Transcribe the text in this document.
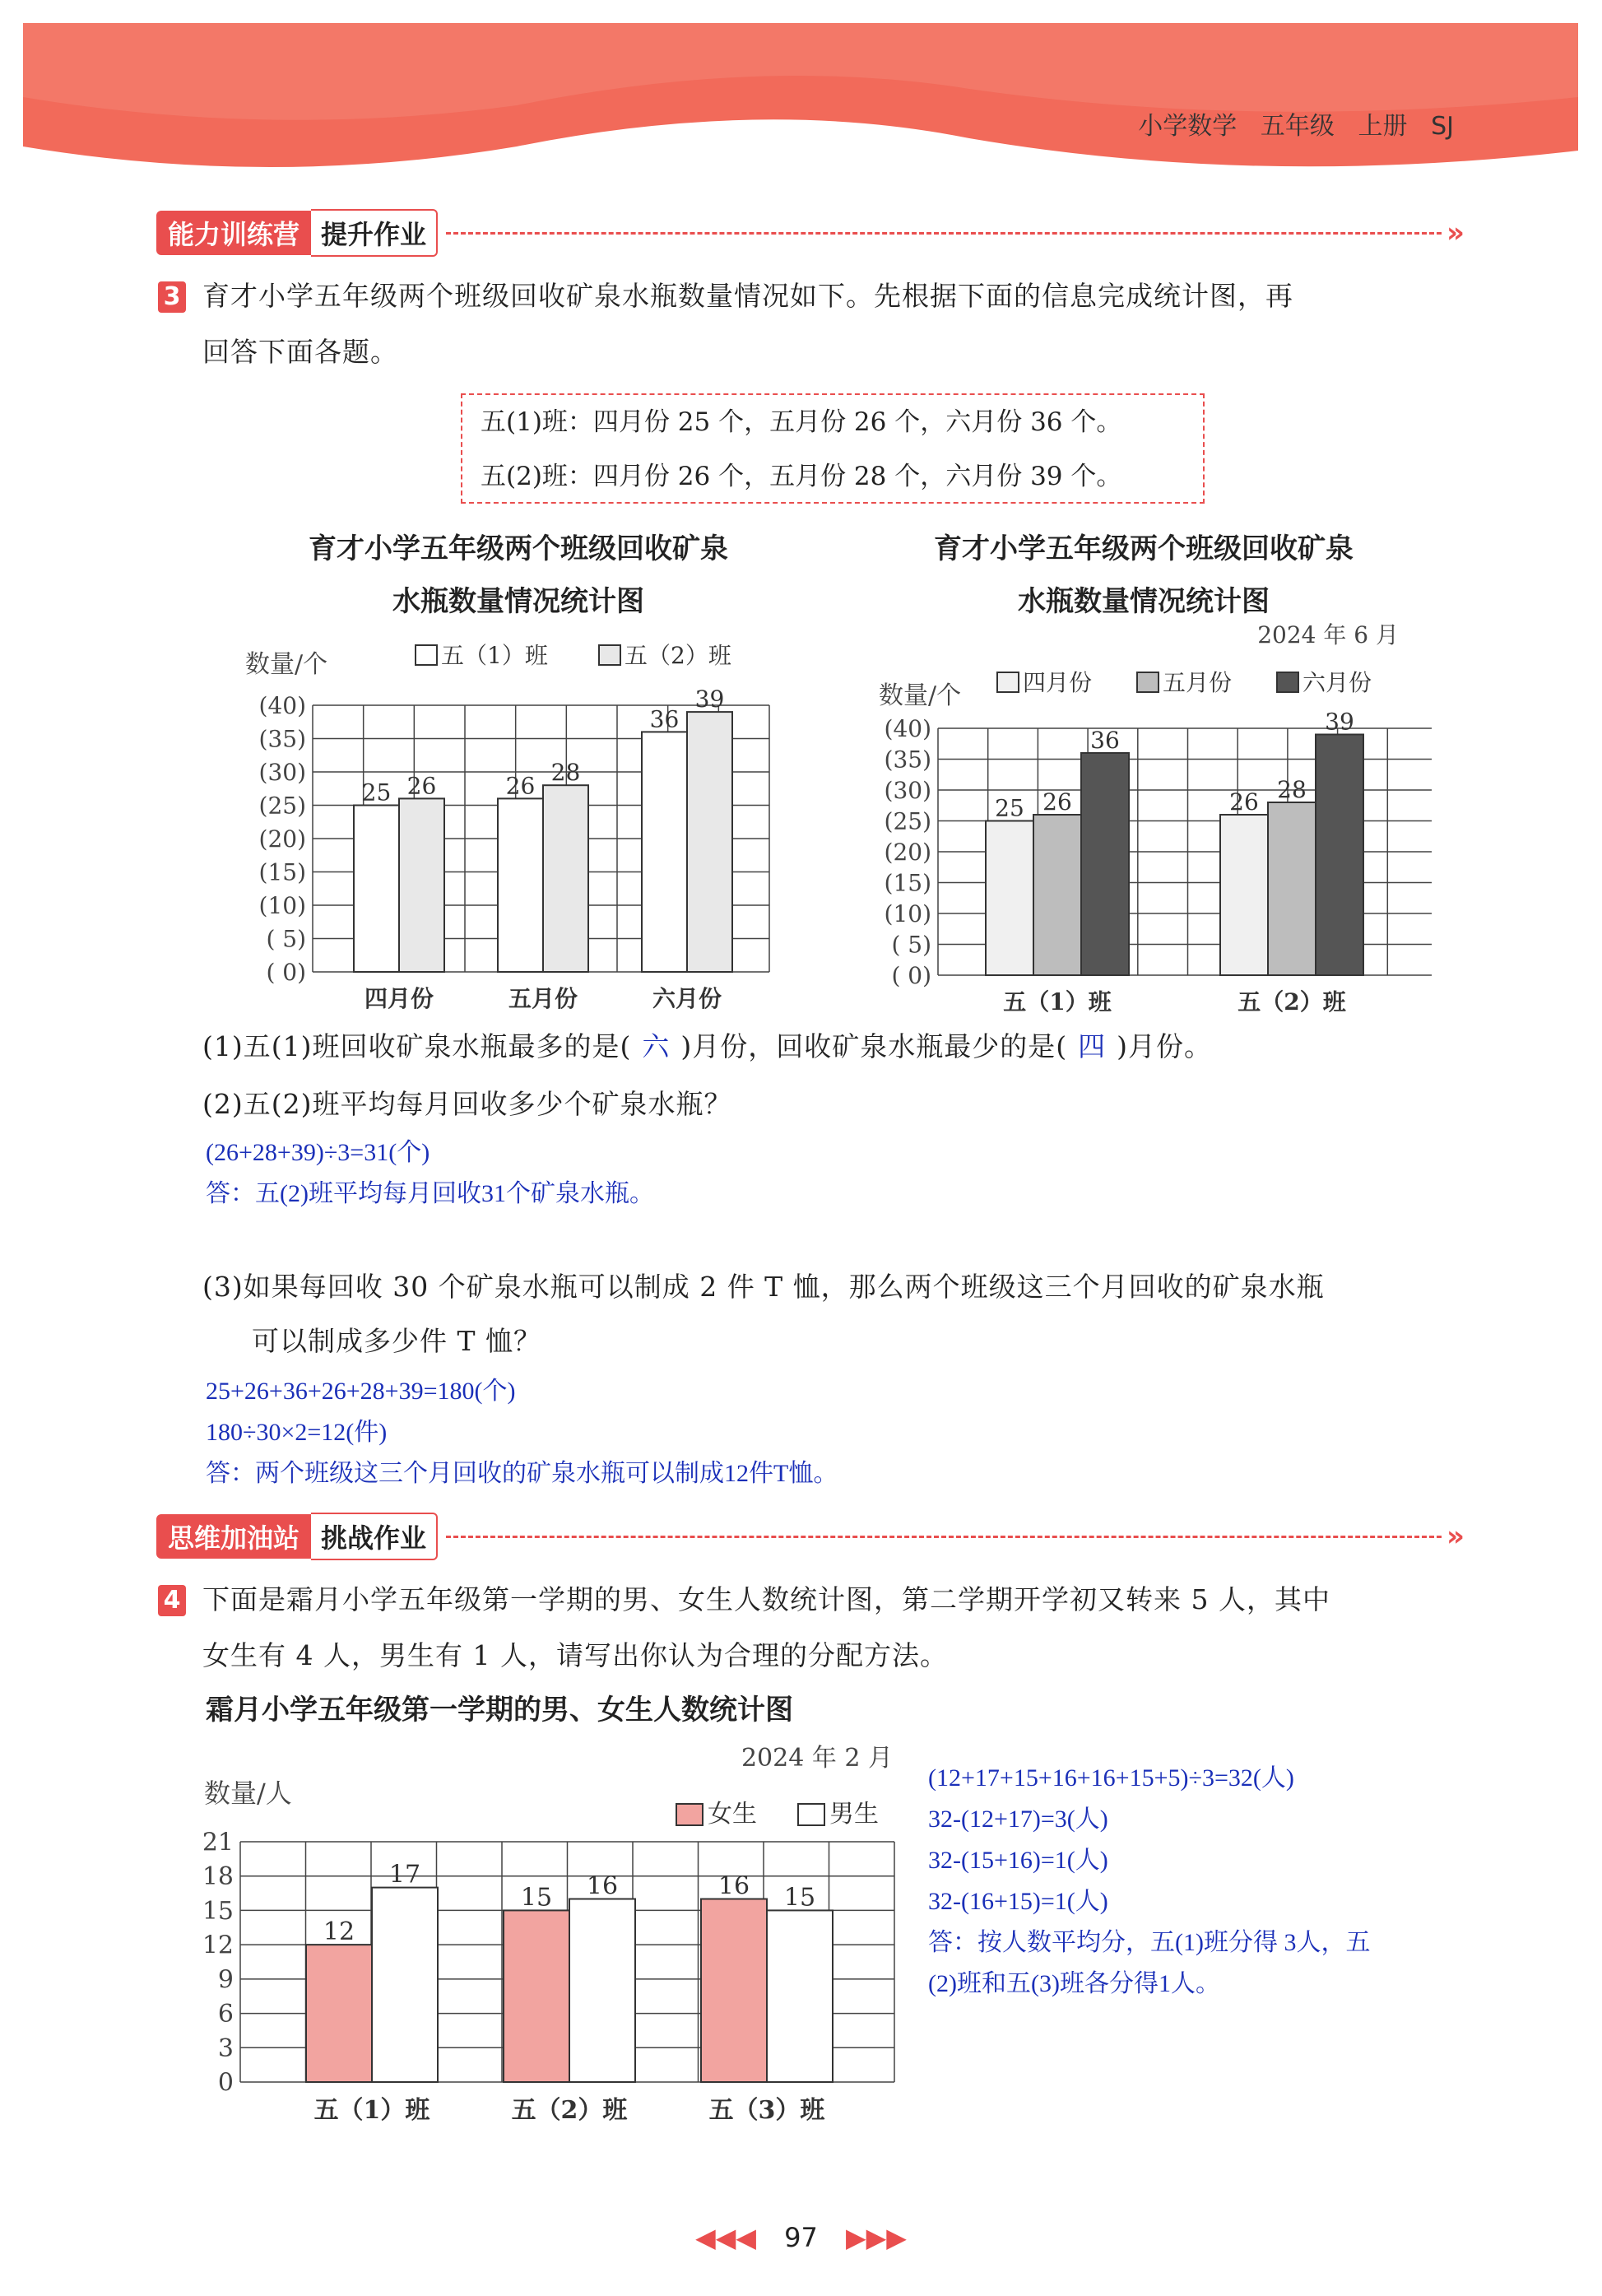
小学数学   五年级   上册   SJ
能力训练营 提升作业	»
3 育才小学五年级两个班级回收矿泉水瓶数量情况如下。先根据下面的信息完成统计图，再
回答下面各题。
五(1)班：四月份 25 个，五月份 26 个，六月份 36 个。
五(2)班：四月份 26 个，五月份 28 个，六月份 39 个。
育才小学五年级两个班级回收矿泉
水瓶数量情况统计图
育才小学五年级两个班级回收矿泉
水瓶数量情况统计图
数量/个	五（1）班	五（2）班
(40)
(35)
(30)
(25)
(20)
(15)
(10)
( 5)
( 0)
25 26
四月份
26 28
五月份
36
39
六月份
2024 年 6 月
数量/个	四月份	五月份	六月份
(40)
(35)
(30)
(25)
(20)
(15)
(10)
( 5)
( 0)
25 26
36
五（1）班
26 28
39
五（2）班
(1)五(1)班回收矿泉水瓶最多的是( 六 )月份，回收矿泉水瓶最少的是( 四 )月份。
(2)五(2)班平均每月回收多少个矿泉水瓶？
(26+28+39)÷3=31(个)
答：五(2)班平均每月回收31个矿泉水瓶。
(3)如果每回收 30 个矿泉水瓶可以制成 2 件 T 恤，那么两个班级这三个月回收的矿泉水瓶
可以制成多少件 T 恤？
25+26+36+26+28+39=180(个)
180÷30×2=12(件)
答：两个班级这三个月回收的矿泉水瓶可以制成12件T恤。
思维加油站 挑战作业	»
4 下面是霜月小学五年级第一学期的男、女生人数统计图，第二学期开学初又转来 5 人，其中
女生有 4 人，男生有 1 人，请写出你认为合理的分配方法。
霜月小学五年级第一学期的男、女生人数统计图
2024 年 2 月
数量/人
女生	男生
21
18
15
12
9
6
3
0
12
17
五（1）班
15 16
五（2）班
16 15
五（3）班
(12+17+15+16+16+15+5)÷3=32(人)
32-(12+17)=3(人)
32-(15+16)=1(人)
32-(16+15)=1(人)
答：按人数平均分，五(1)班分得 3人，五
(2)班和五(3)班各分得1人。
◀◀◀ 97 ▶▶▶
